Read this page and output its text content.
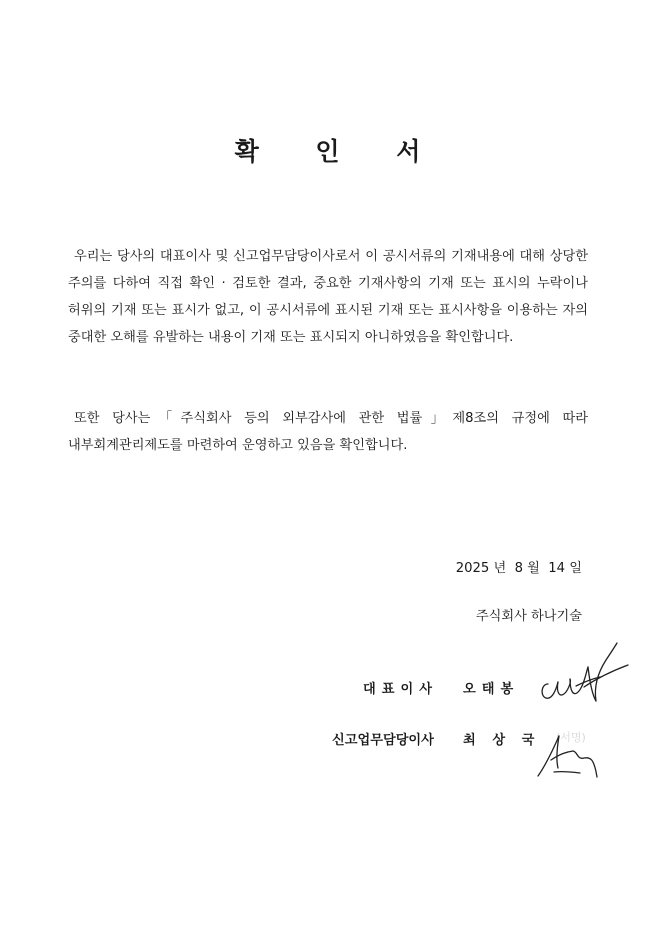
확 인 서
우리는 당사의 대표이사 및 신고업무담당이사로서 이 공시서류의 기재내용에 대해 상당한 주의를 다하여 직접 확인 · 검토한 결과, 중요한 기재사항의 기재 또는 표시의 누락이나 허위의 기재 또는 표시가 없고, 이 공시서류에 표시된 기재 또는 표시사항을 이용하는 자의 중대한 오해를 유발하는 내용이 기재 또는 표시되지 아니하였음을 확인합니다.
또한 당사는「주식회사 등의 외부감사에 관한 법률」제8조의 규정에 따라 내부회계관리제도를 마련하여 운영하고 있음을 확인합니다.
2025 년  8 월  14 일
주식회사 하나기술
대표이사 오태봉
신고업무담당이사 최 상 국 (서명)
